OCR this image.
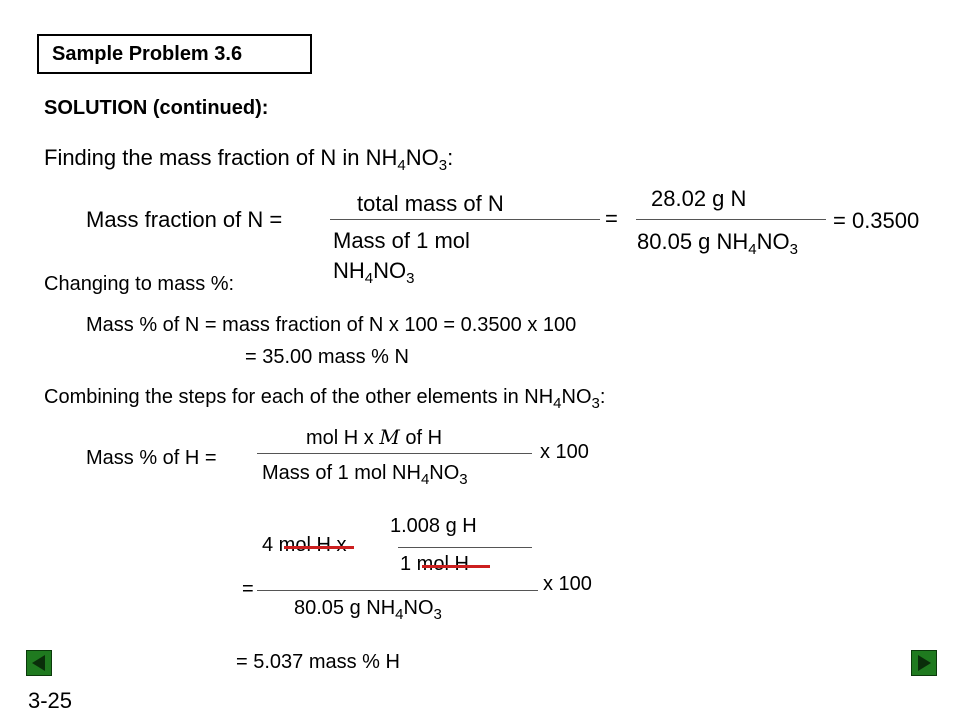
Sample Problem 3.6
SOLUTION (continued):
Finding the mass fraction of N in $NH_4NO_3$:
Mass fraction of N =
total mass of N
Mass of 1 mol
$NH_4NO_3$
=
28.02 g N
80.05 g $NH_4NO_3$
= 0.3500
Changing to mass %:
Mass % of N = mass fraction of N x 100 = 0.3500 x 100
= 35.00 mass % N
Combining the steps for each of the other elements in $NH_4NO_3$:
Mass % of H =
mol H x M of H
Mass of 1 mol $NH_4NO_3$
x 100
4 mol H x
1.008 g H
1 mol H
=	x 100
80.05 g $NH_4NO_3$
= 5.037 mass % H
3-25
